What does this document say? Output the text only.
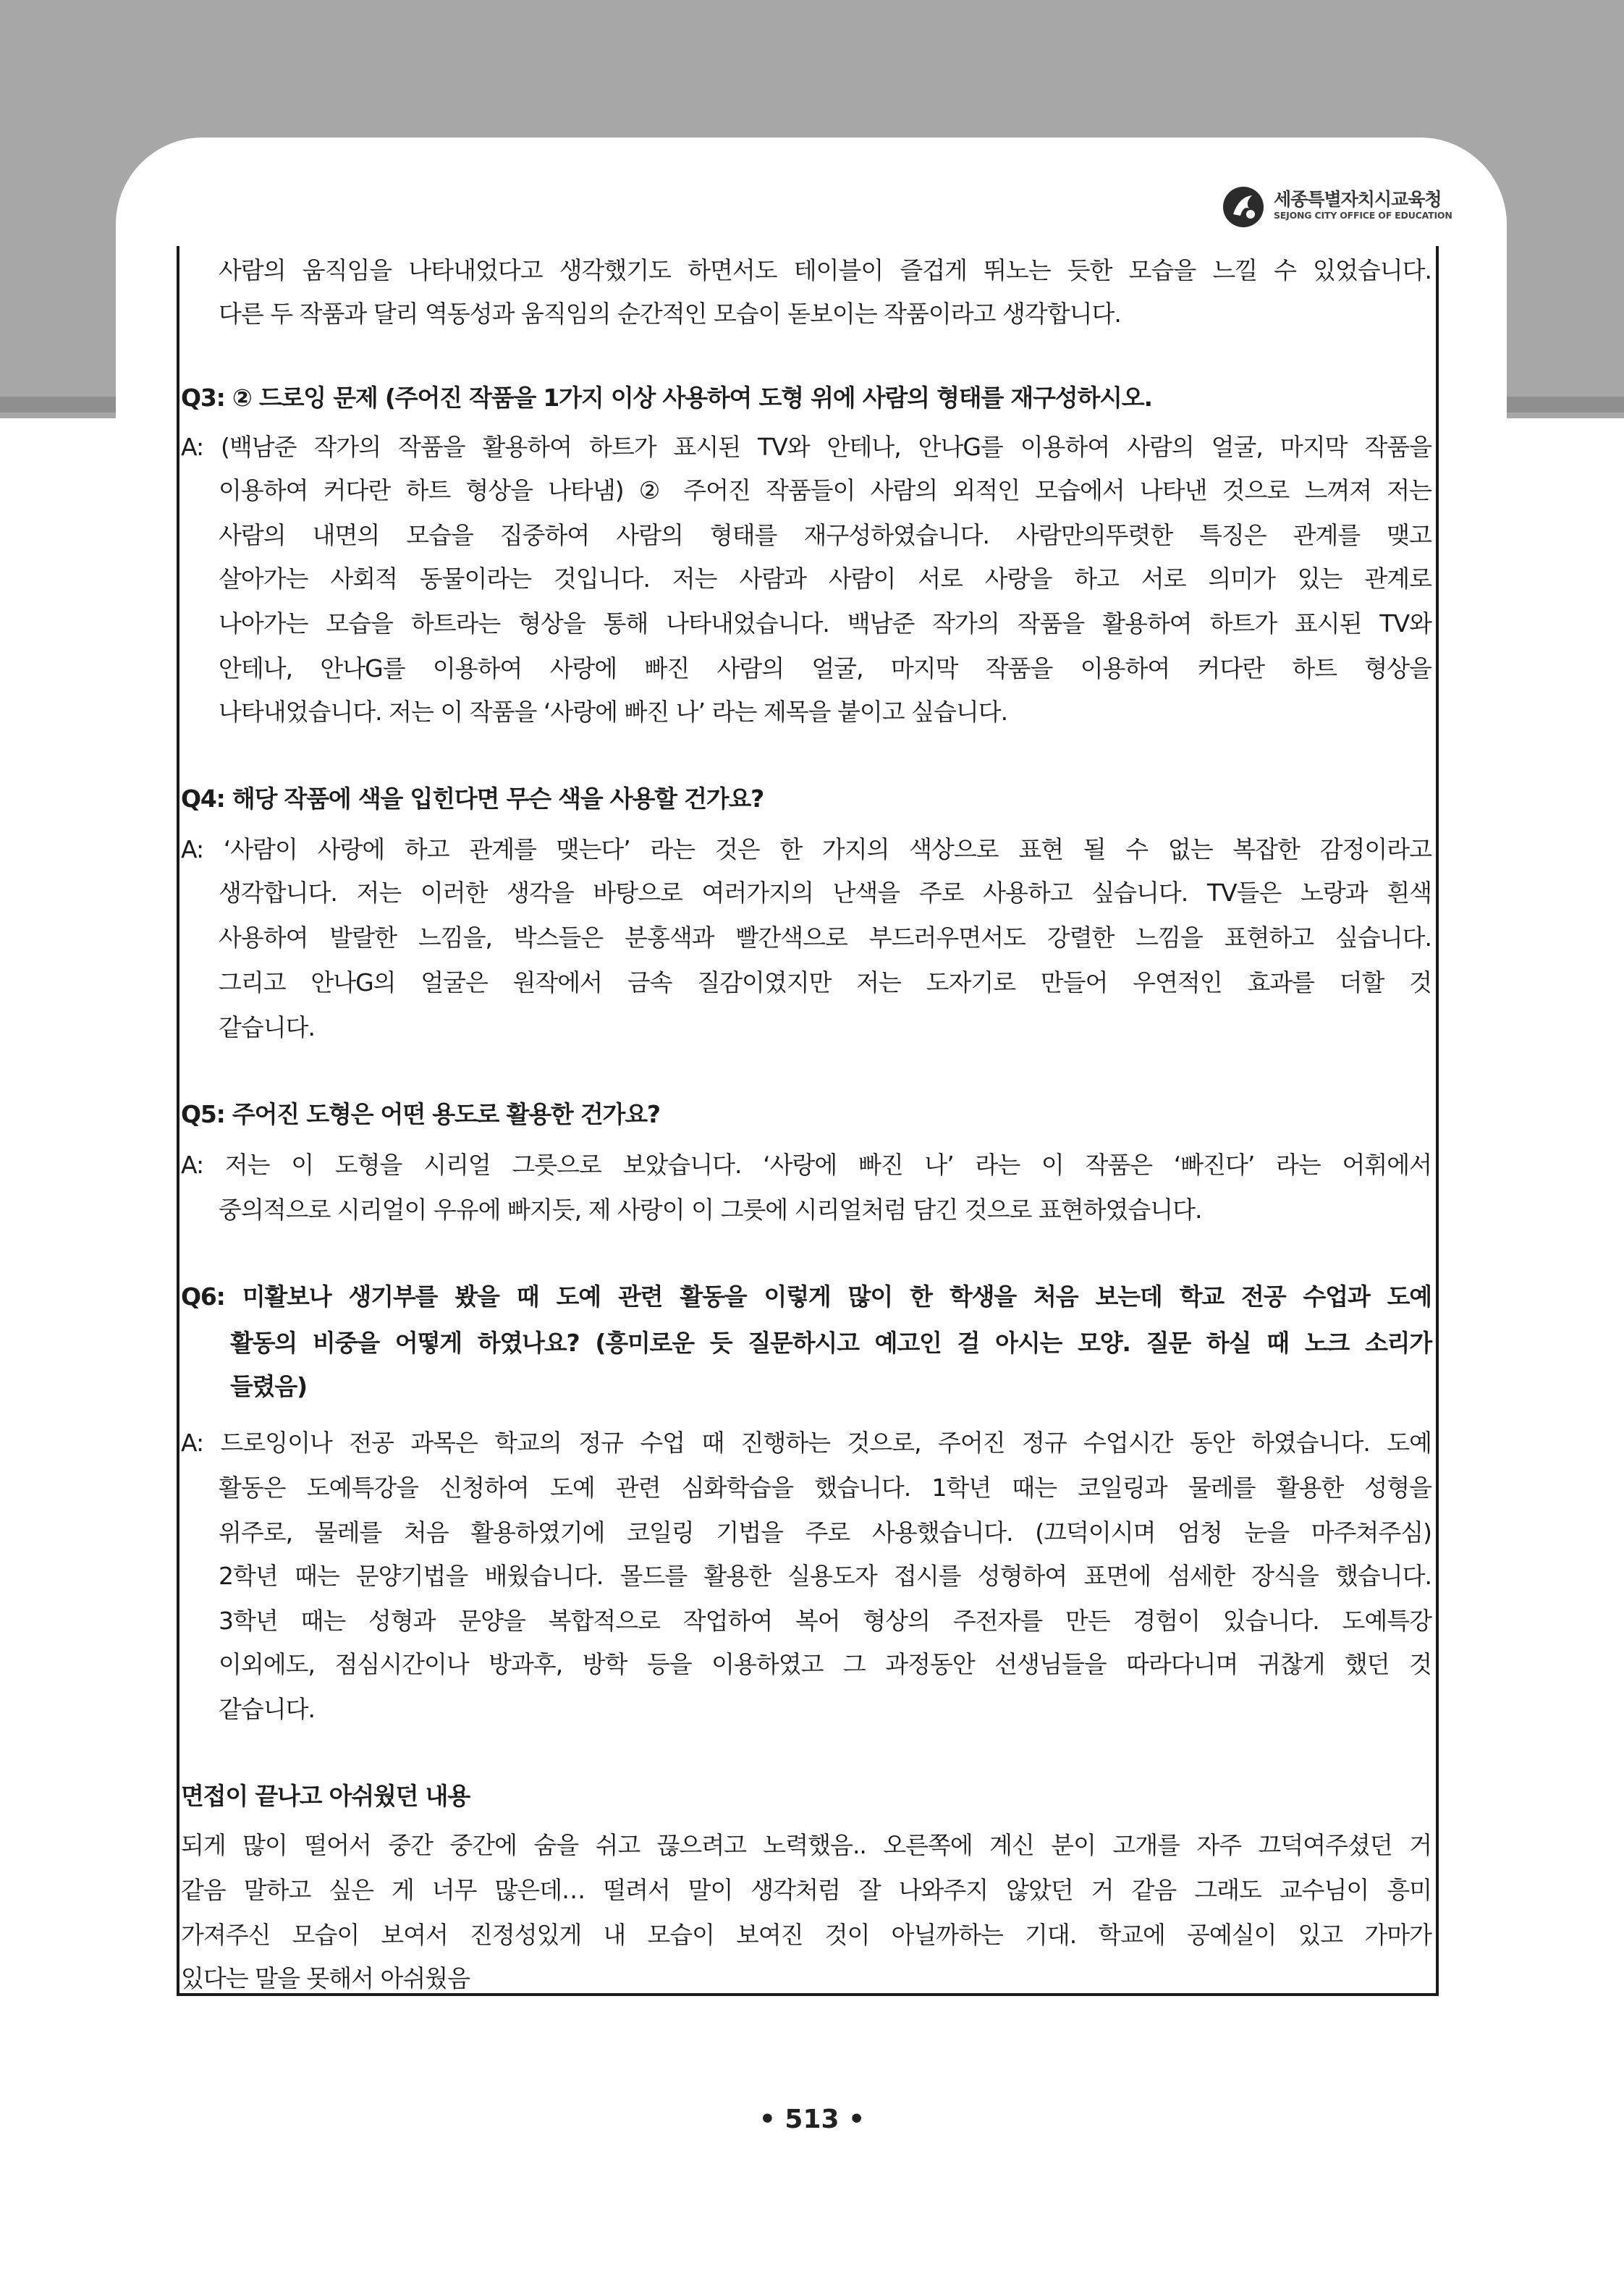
세종특별자치시교육청
SEJONG CITY OFFICE OF EDUCATION

사람의 움직임을 나타내었다고 생각했기도 하면서도 테이블이 즐겁게 뛰노는 듯한 모습을 느낄 수 있었습니다.

다른 두 작품과 달리 역동성과 움직임의 순간적인 모습이 돋보이는 작품이라고 생각합니다.

Q3: ② 드로잉 문제 (주어진 작품을 1가지 이상 사용하여 도형 위에 사람의 형태를 재구성하시오.

A: (백남준 작가의 작품을 활용하여 하트가 표시된 TV와 안테나, 안나G를 이용하여 사람의 얼굴, 마지막 작품을

이용하여 커다란 하트 형상을 나타냄) ② 주어진 작품들이 사람의 외적인 모습에서 나타낸 것으로 느껴져 저는

사람의 내면의 모습을 집중하여 사람의 형태를 재구성하였습니다. 사람만의뚜렷한 특징은 관계를 맺고

살아가는 사회적 동물이라는 것입니다. 저는 사람과 사람이 서로 사랑을 하고 서로 의미가 있는 관계로

나아가는 모습을 하트라는 형상을 통해 나타내었습니다. 백남준 작가의 작품을 활용하여 하트가 표시된 TV와

안테나, 안나G를 이용하여 사랑에 빠진 사람의 얼굴, 마지막 작품을 이용하여 커다란 하트 형상을

나타내었습니다. 저는 이 작품을 ‘사랑에 빠진 나’ 라는 제목을 붙이고 싶습니다.

Q4: 해당 작품에 색을 입힌다면 무슨 색을 사용할 건가요?

A: ‘사람이 사랑에 하고 관계를 맺는다’ 라는 것은 한 가지의 색상으로 표현 될 수 없는 복잡한 감정이라고

생각합니다. 저는 이러한 생각을 바탕으로 여러가지의 난색을 주로 사용하고 싶습니다. TV들은 노랑과 흰색

사용하여 발랄한 느낌을, 박스들은 분홍색과 빨간색으로 부드러우면서도 강렬한 느낌을 표현하고 싶습니다.

그리고 안나G의 얼굴은 원작에서 금속 질감이였지만 저는 도자기로 만들어 우연적인 효과를 더할 것

같습니다.

Q5: 주어진 도형은 어떤 용도로 활용한 건가요?

A: 저는 이 도형을 시리얼 그릇으로 보았습니다. ‘사랑에 빠진 나’ 라는 이 작품은 ‘빠진다’ 라는 어휘에서

중의적으로 시리얼이 우유에 빠지듯, 제 사랑이 이 그릇에 시리얼처럼 담긴 것으로 표현하였습니다.

Q6: 미활보나 생기부를 봤을 때 도예 관련 활동을 이렇게 많이 한 학생을 처음 보는데 학교 전공 수업과 도예

활동의 비중을 어떻게 하였나요? (흥미로운 듯 질문하시고 예고인 걸 아시는 모양. 질문 하실 때 노크 소리가

들렸음)

A: 드로잉이나 전공 과목은 학교의 정규 수업 때 진행하는 것으로, 주어진 정규 수업시간 동안 하였습니다. 도예

활동은 도예특강을 신청하여 도예 관련 심화학습을 했습니다. 1학년 때는 코일링과 물레를 활용한 성형을

위주로, 물레를 처음 활용하였기에 코일링 기법을 주로 사용했습니다. (끄덕이시며 엄청 눈을 마주쳐주심)

2학년 때는 문양기법을 배웠습니다. 몰드를 활용한 실용도자 접시를 성형하여 표면에 섬세한 장식을 했습니다.

3학년 때는 성형과 문양을 복합적으로 작업하여 복어 형상의 주전자를 만든 경험이 있습니다. 도예특강

이외에도, 점심시간이나 방과후, 방학 등을 이용하였고 그 과정동안 선생님들을 따라다니며 귀찮게 했던 것

같습니다.

면접이 끝나고 아쉬웠던 내용

되게 많이 떨어서 중간 중간에 숨을 쉬고 끊으려고 노력했음.. 오른쪽에 계신 분이 고개를 자주 끄덕여주셨던 거

같음 말하고 싶은 게 너무 많은데… 떨려서 말이 생각처럼 잘 나와주지 않았던 거 같음 그래도 교수님이 흥미

가져주신 모습이 보여서 진정성있게 내 모습이 보여진 것이 아닐까하는 기대. 학교에 공예실이 있고 가마가

있다는 말을 못해서 아쉬웠음

• 513 •
